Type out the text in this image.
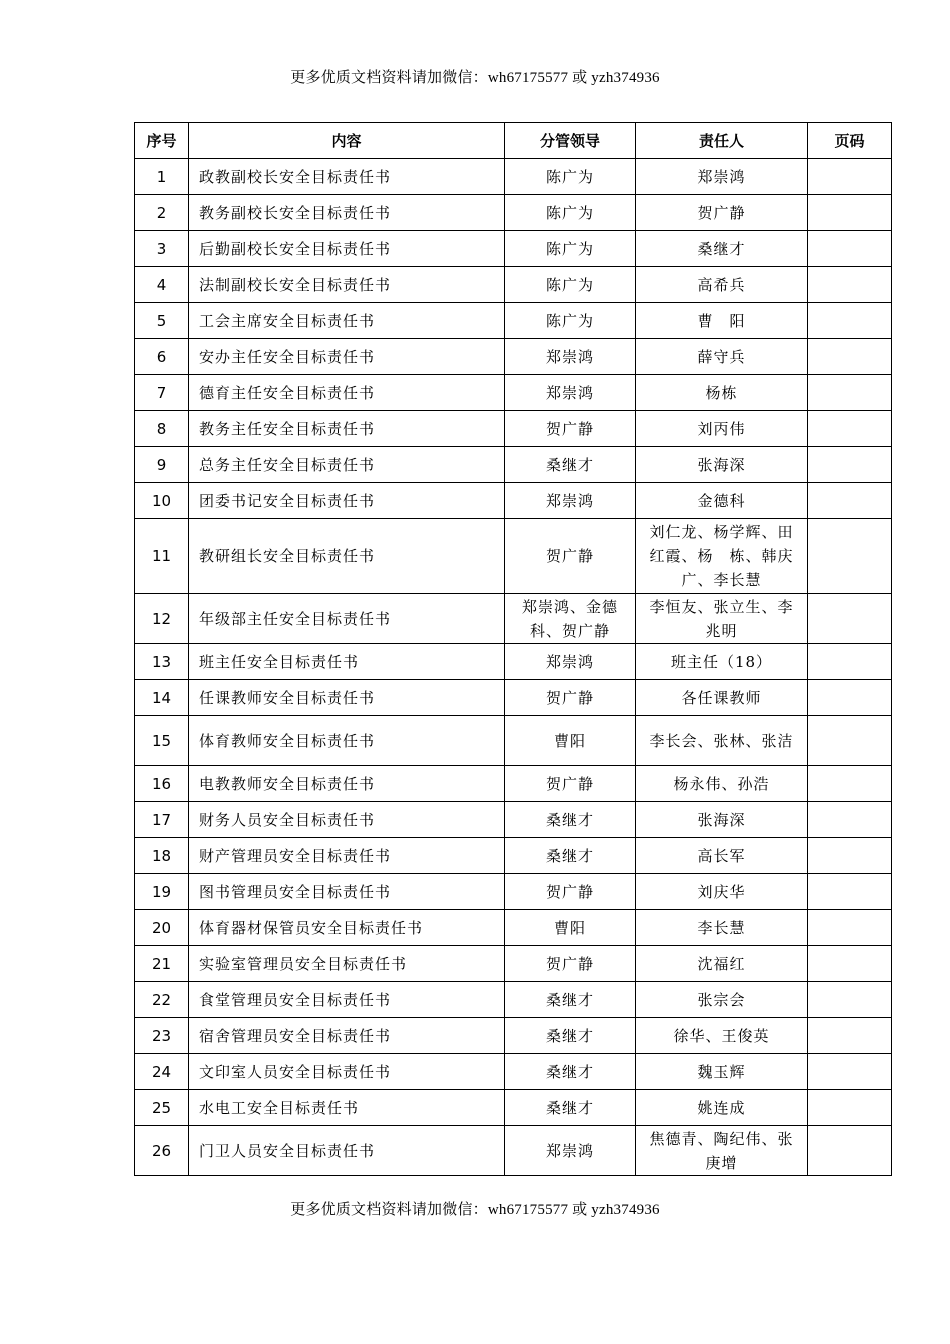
更多优质文档资料请加微信：wh67175577 或 yzh374936
序号	内容	分管领导	责任人	页码
1	政教副校长安全目标责任书	陈广为	郑崇鸿	
2	教务副校长安全目标责任书	陈广为	贺广静	
3	后勤副校长安全目标责任书	陈广为	桑继才	
4	法制副校长安全目标责任书	陈广为	高希兵	
5	工会主席安全目标责任书	陈广为	曹　阳	
6	安办主任安全目标责任书	郑崇鸿	薛守兵	
7	德育主任安全目标责任书	郑崇鸿	杨栋	
8	教务主任安全目标责任书	贺广静	刘丙伟	
9	总务主任安全目标责任书	桑继才	张海深	
10	团委书记安全目标责任书	郑崇鸿	金德科	
11	教研组长安全目标责任书	贺广静	刘仁龙、杨学辉、田红霞、杨　栋、韩庆广、李长慧	
12	年级部主任安全目标责任书	郑崇鸿、金德科、贺广静	李恒友、张立生、李兆明	
13	班主任安全目标责任书	郑崇鸿	班主任（18）	
14	任课教师安全目标责任书	贺广静	各任课教师	
15	体育教师安全目标责任书	曹阳	李长会、张林、张洁	
16	电教教师安全目标责任书	贺广静	杨永伟、孙浩	
17	财务人员安全目标责任书	桑继才	张海深	
18	财产管理员安全目标责任书	桑继才	高长军	
19	图书管理员安全目标责任书	贺广静	刘庆华	
20	体育器材保管员安全目标责任书	曹阳	李长慧	
21	实验室管理员安全目标责任书	贺广静	沈福红	
22	食堂管理员安全目标责任书	桑继才	张宗会	
23	宿舍管理员安全目标责任书	桑继才	徐华、王俊英	
24	文印室人员安全目标责任书	桑继才	魏玉辉	
25	水电工安全目标责任书	桑继才	姚连成	
26	门卫人员安全目标责任书	郑崇鸿	焦德青、陶纪伟、张庚增	
更多优质文档资料请加微信：wh67175577 或 yzh374936
